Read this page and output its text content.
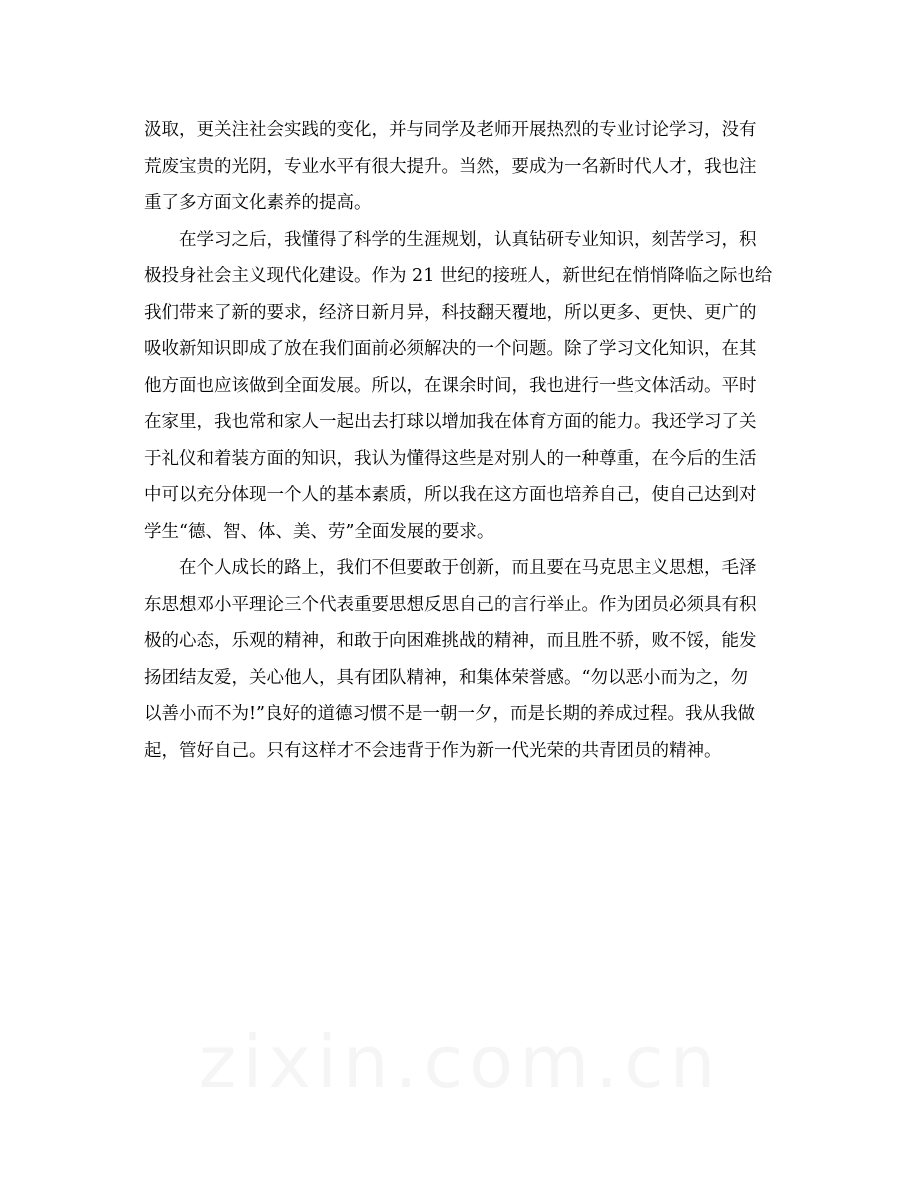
汲取，更关注社会实践的变化，并与同学及老师开展热烈的专业讨论学习，没有
荒废宝贵的光阴，专业水平有很大提升。当然，要成为一名新时代人才，我也注
重了多方面文化素养的提高。
　　在学习之后，我懂得了科学的生涯规划，认真钻研专业知识，刻苦学习，积
极投身社会主义现代化建设。作为 21 世纪的接班人，新世纪在悄悄降临之际也给
我们带来了新的要求，经济日新月异，科技翻天覆地，所以更多、更快、更广的
吸收新知识即成了放在我们面前必须解决的一个问题。除了学习文化知识，在其
他方面也应该做到全面发展。所以，在课余时间，我也进行一些文体活动。平时
在家里，我也常和家人一起出去打球以增加我在体育方面的能力。我还学习了关
于礼仪和着装方面的知识，我认为懂得这些是对别人的一种尊重，在今后的生活
中可以充分体现一个人的基本素质，所以我在这方面也培养自己，使自己达到对
学生“德、智、体、美、劳”全面发展的要求。
　　在个人成长的路上，我们不但要敢于创新，而且要在马克思主义思想，毛泽
东思想邓小平理论三个代表重要思想反思自己的言行举止。作为团员必须具有积
极的心态，乐观的精神，和敢于向困难挑战的精神，而且胜不骄，败不馁，能发
扬团结友爱，关心他人，具有团队精神，和集体荣誉感。“勿以恶小而为之，勿
以善小而不为!”良好的道德习惯不是一朝一夕，而是长期的养成过程。我从我做
起，管好自己。只有这样才不会违背于作为新一代光荣的共青团员的精神。
